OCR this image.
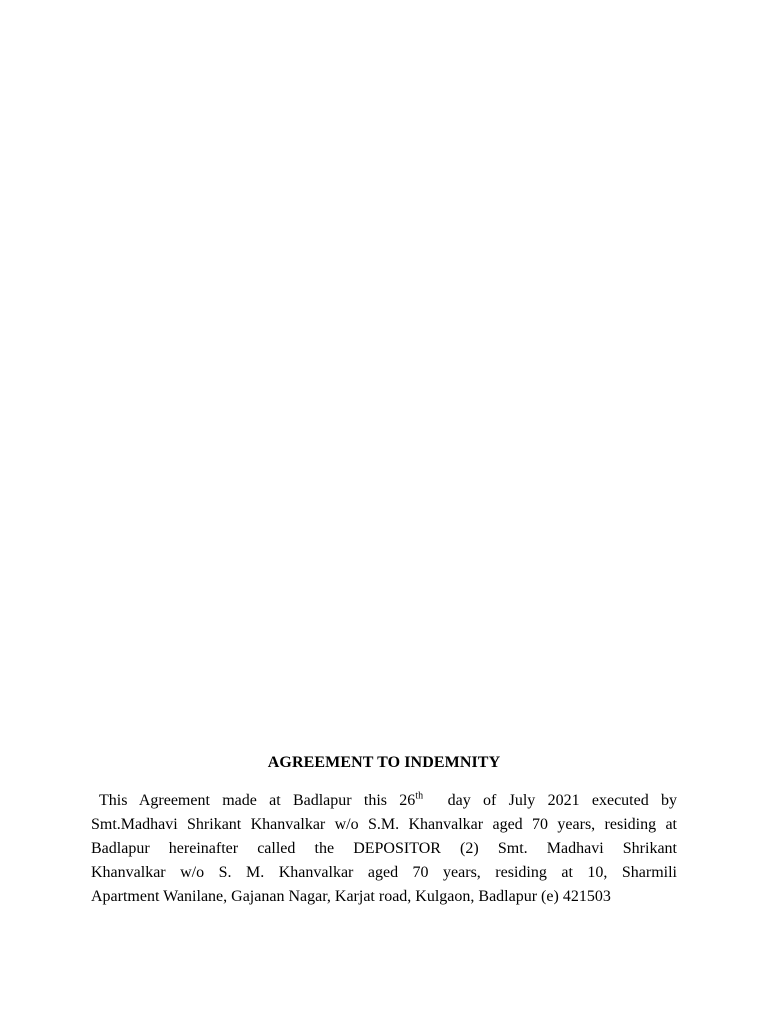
AGREEMENT TO INDEMNITY
This Agreement made at Badlapur this 26th  day of July 2021 executed by
Smt.Madhavi Shrikant Khanvalkar w/o S.M. Khanvalkar aged 70 years, residing at
Badlapur hereinafter called the DEPOSITOR (2) Smt. Madhavi Shrikant
Khanvalkar w/o S. M. Khanvalkar aged 70 years, residing at 10, Sharmili
Apartment Wanilane, Gajanan Nagar, Karjat road, Kulgaon, Badlapur (e) 421503
